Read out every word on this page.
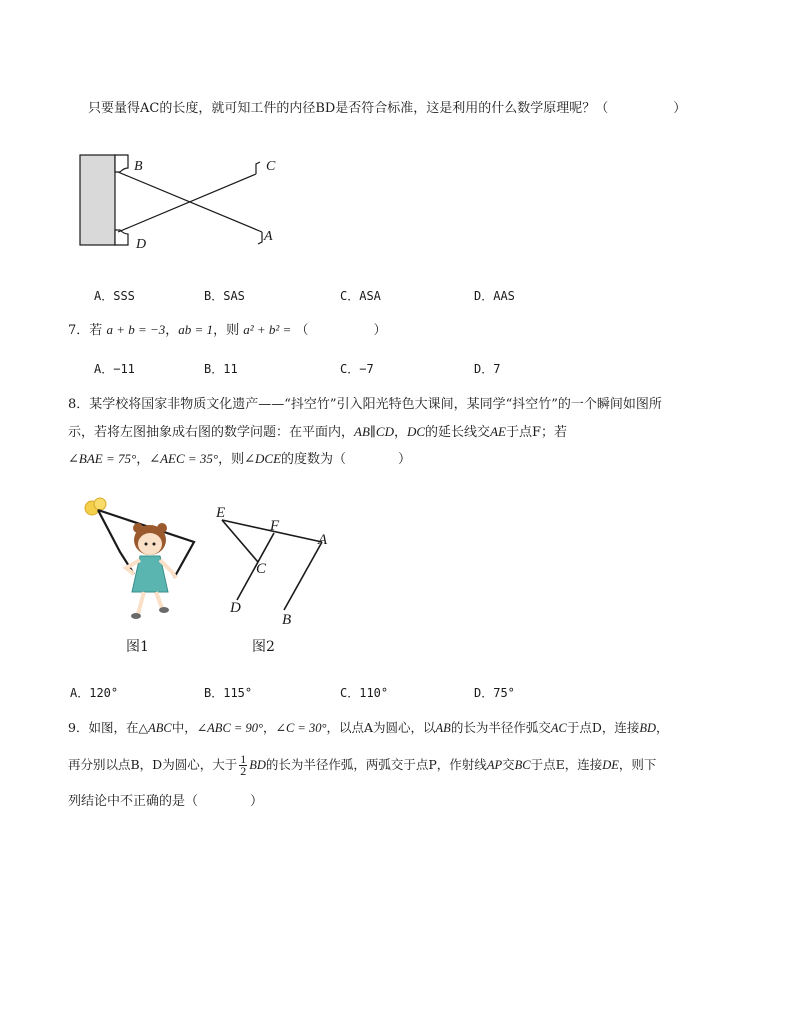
只要量得AC的长度，就可知工件的内径BD是否符合标准，这是利用的什么数学原理呢？（　　　　　）
B	C
D
A
A．SSS	B．SAS	C．ASA	D．AAS
7．若 a + b = −3，ab = 1，则 a² + b² = （　　　　　）
A．−11	B．11	C．−7	D．7
8．某学校将国家非物质文化遗产——“抖空竹”引入阳光特色大课间，某同学“抖空竹”的一个瞬间如图所
示，若将左图抽象成右图的数学问题：在平面内，AB∥CD，DC的延长线交AE于点F；若
∠BAE = 75°，∠AEC = 35°，则∠DCE的度数为（　　　　）
图1
E
F
A
C
D
B
图2
A．120°	B．115°	C．110°	D．75°
9．如图，在△ABC中，∠ABC = 90°，∠C = 30°，以点A为圆心，以AB的长为半径作弧交AC于点D，连接BD，
再分别以点B，D为圆心，大于 $\frac{1}{2}$ BD的长为半径作弧，两弧交于点P，作射线AP交BC于点E，连接DE，则下
列结论中不正确的是（　　　　）
